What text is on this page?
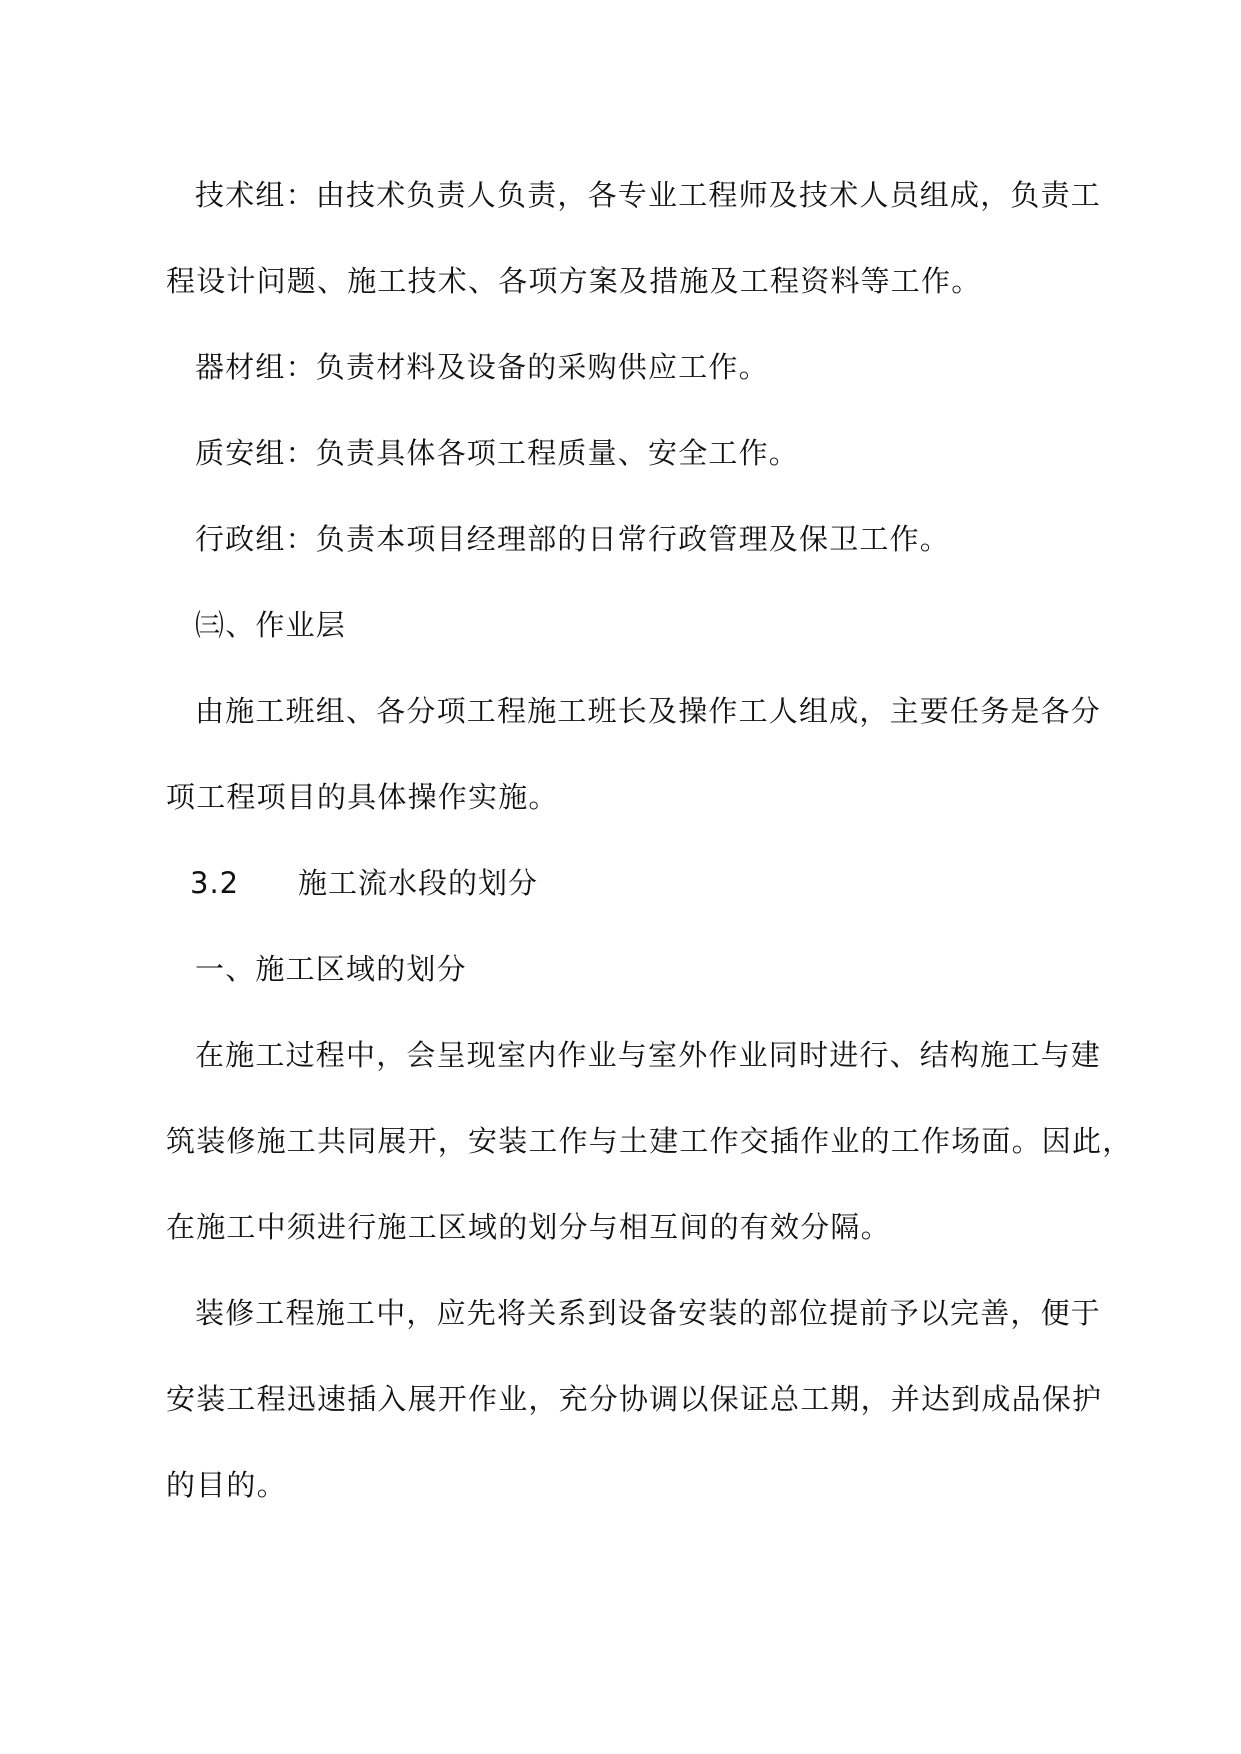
技术组：由技术负责人负责，各专业工程师及技术人员组成，负责工
程设计问题、施工技术、各项方案及措施及工程资料等工作。
器材组：负责材料及设备的采购供应工作。
质安组：负责具体各项工程质量、安全工作。
行政组：负责本项目经理部的日常行政管理及保卫工作。
㈢、作业层
由施工班组、各分项工程施工班长及操作工人组成，主要任务是各分
项工程项目的具体操作实施。
3.2 施工流水段的划分
一、施工区域的划分
在施工过程中，会呈现室内作业与室外作业同时进行、结构施工与建
筑装修施工共同展开，安装工作与土建工作交插作业的工作场面。因此，
在施工中须进行施工区域的划分与相互间的有效分隔。
装修工程施工中，应先将关系到设备安装的部位提前予以完善，便于
安装工程迅速插入展开作业，充分协调以保证总工期，并达到成品保护
的目的。
